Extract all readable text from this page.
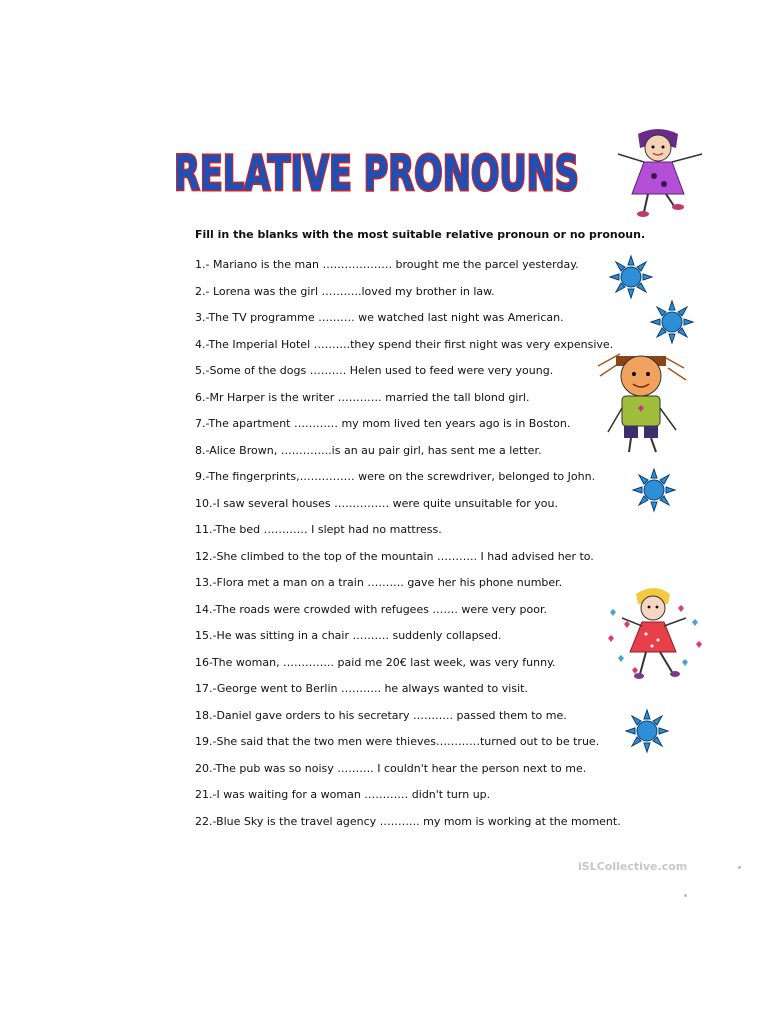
RELATIVE PRONOUNS
Fill in the blanks with the most suitable relative pronoun or no pronoun.
1.- Mariano is the man ………………. brought me the parcel yesterday.
2.- Lorena was the girl ………..loved my brother in law.
3.-The TV programme ………. we watched last night was American.
4.-The Imperial Hotel ……….they spend their first night was very expensive.
5.-Some of the dogs ………. Helen used to feed were very young.
6.-Mr Harper is the writer ………… married the tall blond girl.
7.-The apartment ………… my mom lived ten years ago is in Boston.
8.-Alice Brown, …………..is an au pair girl, has sent me a letter.
9.-The fingerprints,…………… were on the screwdriver, belonged to John.
10.-I saw several houses …………… were quite unsuitable for you.
11.-The bed ………… I slept had no mattress.
12.-She climbed to the top of the mountain ……….. I had advised her to.
13.-Flora met a man on a train ………. gave her his phone number.
14.-The roads were crowded with refugees ……. were very poor.
15.-He was sitting in a chair ………. suddenly collapsed.
16-The woman, ………….. paid me 20€ last week, was very funny.
17.-George went to Berlin ……….. he always wanted to visit.
18.-Daniel gave orders to his secretary ……….. passed them to me.
19.-She said that the two men were thieves…………turned out to be true.
20.-The pub was so noisy ………. I couldn't hear the person next to me.
21.-I was waiting for a woman ………… didn't turn up.
22.-Blue Sky is the travel agency ……….. my mom is working at the moment.
iSLCollective.com
